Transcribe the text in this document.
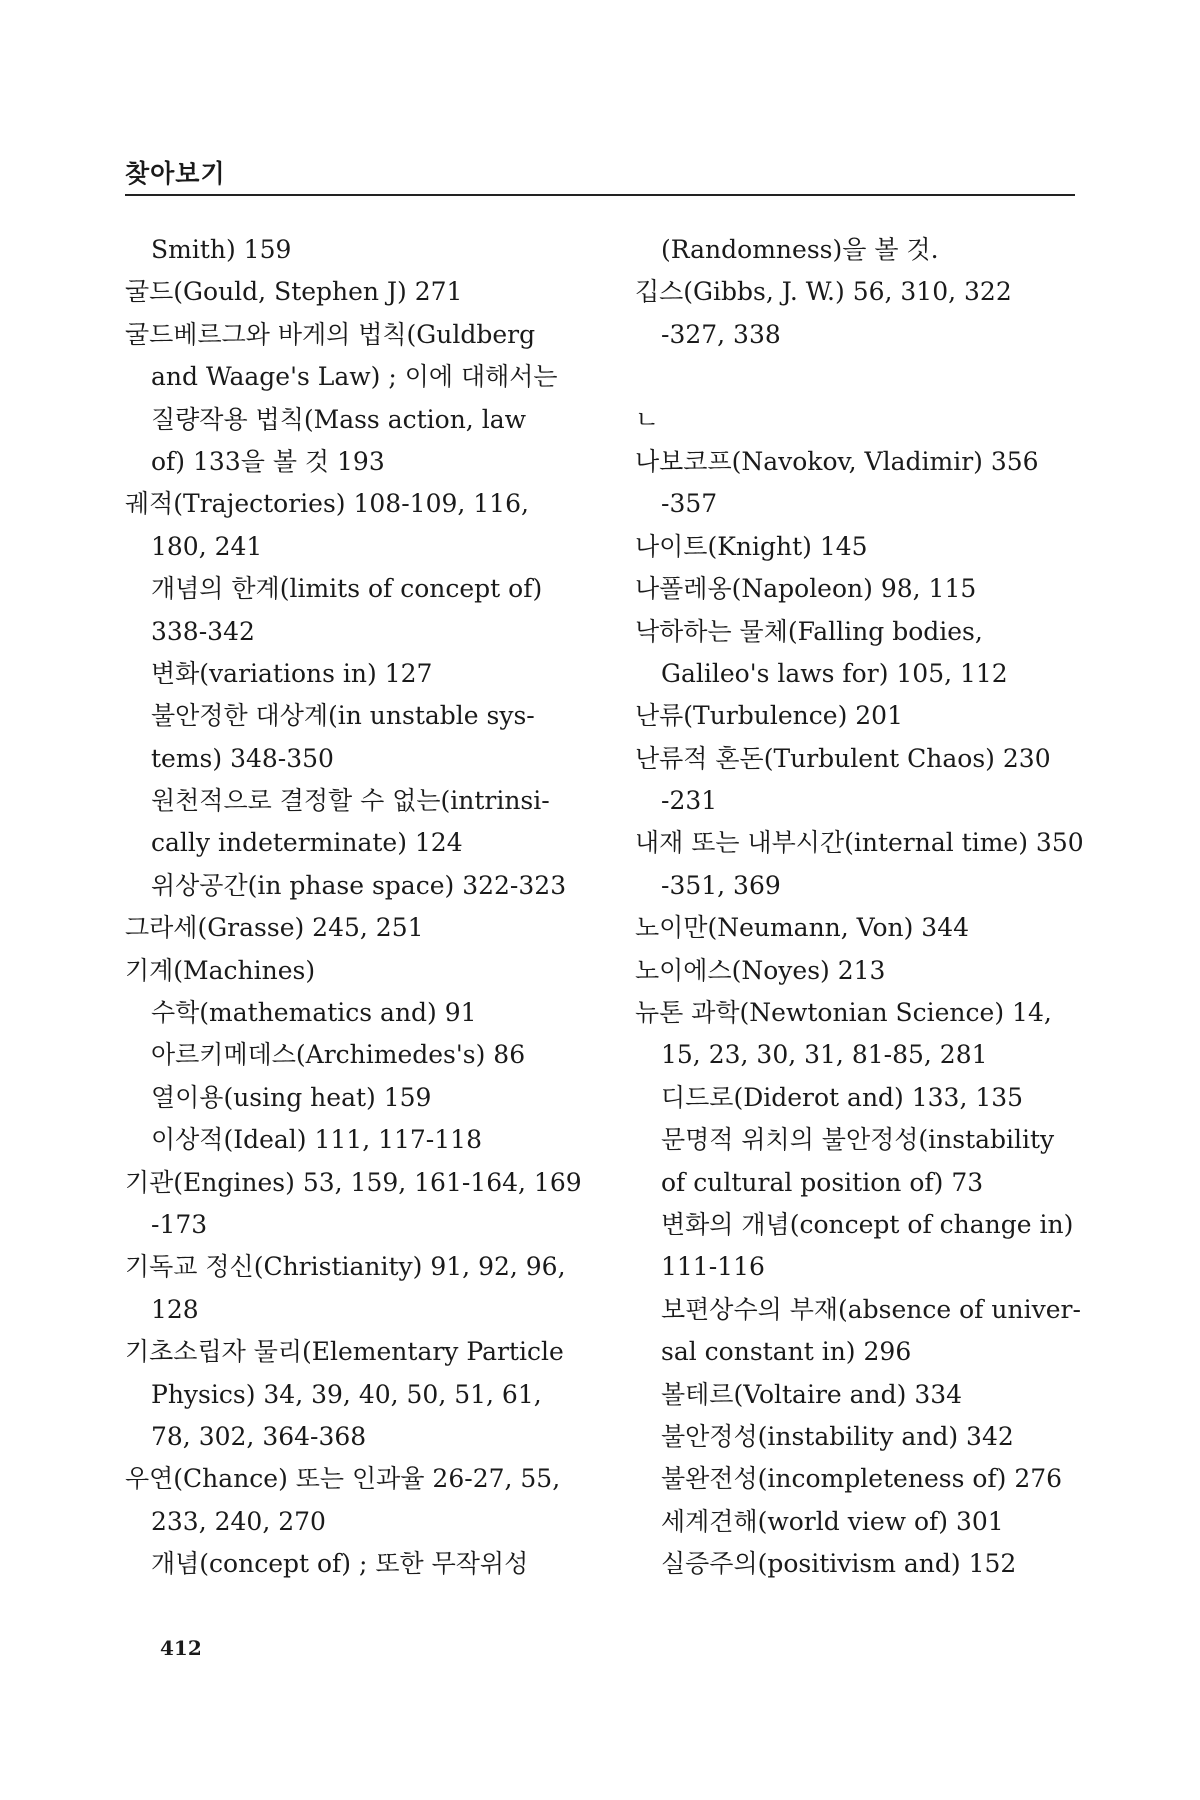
찾아보기
Smith) 159
굴드(Gould, Stephen J) 271
굴드베르그와 바게의 법칙(Guldberg
and Waage's Law) ; 이에 대해서는
질량작용 법칙(Mass action, law
of) 133을 볼 것 193
궤적(Trajectories) 108-109, 116,
180, 241
개념의 한계(limits of concept of)
338-342
변화(variations in) 127
불안정한 대상계(in unstable sys-
tems) 348-350
원천적으로 결정할 수 없는(intrinsi-
cally indeterminate) 124
위상공간(in phase space) 322-323
그라세(Grasse) 245, 251
기계(Machines)
수학(mathematics and) 91
아르키메데스(Archimedes's) 86
열이용(using heat) 159
이상적(Ideal) 111, 117-118
기관(Engines) 53, 159, 161-164, 169
-173
기독교 정신(Christianity) 91, 92, 96,
128
기초소립자 물리(Elementary Particle
Physics) 34, 39, 40, 50, 51, 61,
78, 302, 364-368
우연(Chance) 또는 인과율 26-27, 55,
233, 240, 270
개념(concept of) ; 또한 무작위성
(Randomness)을 볼 것.
깁스(Gibbs, J. W.) 56, 310, 322
-327, 338
ㄴ
나보코프(Navokov, Vladimir) 356
-357
나이트(Knight) 145
나폴레옹(Napoleon) 98, 115
낙하하는 물체(Falling bodies,
Galileo's laws for) 105, 112
난류(Turbulence) 201
난류적 혼돈(Turbulent Chaos) 230
-231
내재 또는 내부시간(internal time) 350
-351, 369
노이만(Neumann, Von) 344
노이에스(Noyes) 213
뉴톤 과학(Newtonian Science) 14,
15, 23, 30, 31, 81-85, 281
디드로(Diderot and) 133, 135
문명적 위치의 불안정성(instability
of cultural position of) 73
변화의 개념(concept of change in)
111-116
보편상수의 부재(absence of univer-
sal constant in) 296
볼테르(Voltaire and) 334
불안정성(instability and) 342
불완전성(incompleteness of) 276
세계견해(world view of) 301
실증주의(positivism and) 152
412
